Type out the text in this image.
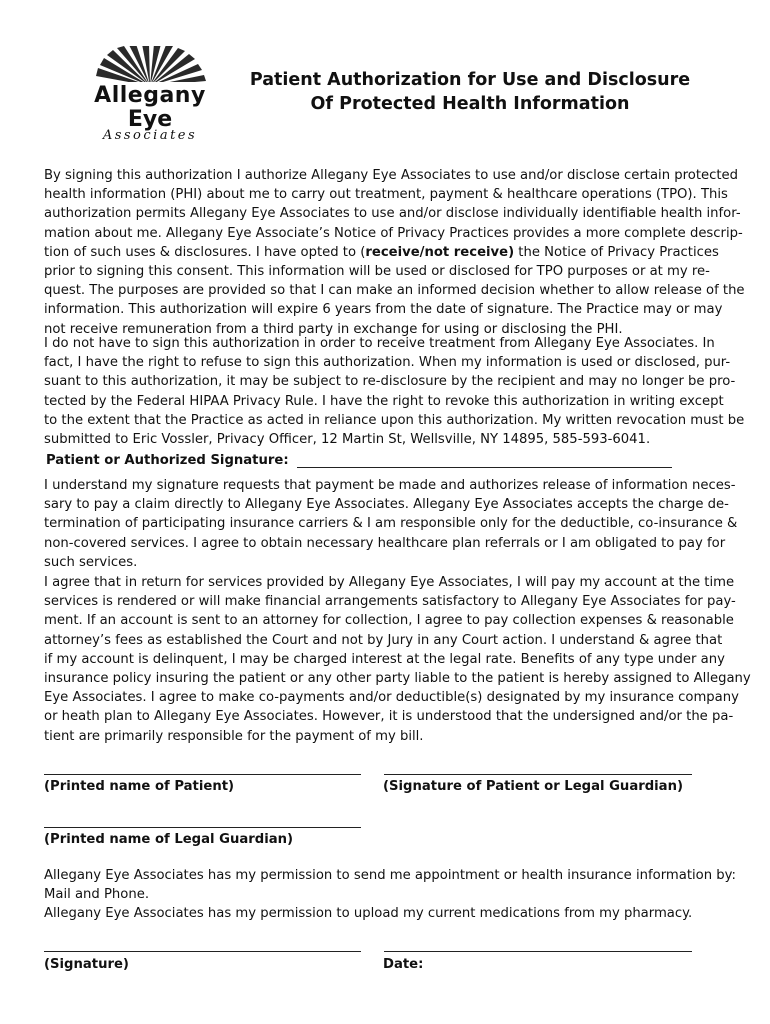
Allegany
Eye
Associates
Patient Authorization for Use and Disclosure
Of Protected Health Information
By signing this authorization I authorize Allegany Eye Associates to use and/or disclose certain protected
health information (PHI) about me to carry out treatment, payment & healthcare operations (TPO). This
authorization permits Allegany Eye Associates to use and/or disclose individually identifiable health infor-
mation about me. Allegany Eye Associate’s Notice of Privacy Practices provides a more complete descrip-
tion of such uses & disclosures. I have opted to (receive/not receive) the Notice of Privacy Practices
prior to signing this consent. This information will be used or disclosed for TPO purposes or at my re-
quest. The purposes are provided so that I can make an informed decision whether to allow release of the
information. This authorization will expire 6 years from the date of signature. The Practice may or may
not receive remuneration from a third party in exchange for using or disclosing the PHI.
I do not have to sign this authorization in order to receive treatment from Allegany Eye Associates. In
fact, I have the right to refuse to sign this authorization. When my information is used or disclosed, pur-
suant to this authorization, it may be subject to re-disclosure by the recipient and may no longer be pro-
tected by the Federal HIPAA Privacy Rule. I have the right to revoke this authorization in writing except
to the extent that the Practice as acted in reliance upon this authorization. My written revocation must be
submitted to Eric Vossler, Privacy Officer, 12 Martin St, Wellsville, NY 14895, 585-593-6041.
Patient or Authorized Signature:
I understand my signature requests that payment be made and authorizes release of information neces-
sary to pay a claim directly to Allegany Eye Associates. Allegany Eye Associates accepts the charge de-
termination of participating insurance carriers & I am responsible only for the deductible, co-insurance &
non-covered services. I agree to obtain necessary healthcare plan referrals or I am obligated to pay for
such services.
I agree that in return for services provided by Allegany Eye Associates, I will pay my account at the time
services is rendered or will make financial arrangements satisfactory to Allegany Eye Associates for pay-
ment. If an account is sent to an attorney for collection, I agree to pay collection expenses & reasonable
attorney’s fees as established the Court and not by Jury in any Court action. I understand & agree that
if my account is delinquent, I may be charged interest at the legal rate. Benefits of any type under any
insurance policy insuring the patient or any other party liable to the patient is hereby assigned to Allegany
Eye Associates. I agree to make co-payments and/or deductible(s) designated by my insurance company
or heath plan to Allegany Eye Associates. However, it is understood that the undersigned and/or the pa-
tient are primarily responsible for the payment of my bill.
(Printed name of Patient)	(Signature of Patient or Legal Guardian)
(Printed name of Legal Guardian)
Allegany Eye Associates has my permission to send me appointment or health insurance information by:
Mail and Phone.
Allegany Eye Associates has my permission to upload my current medications from my pharmacy.
(Signature)	Date:
